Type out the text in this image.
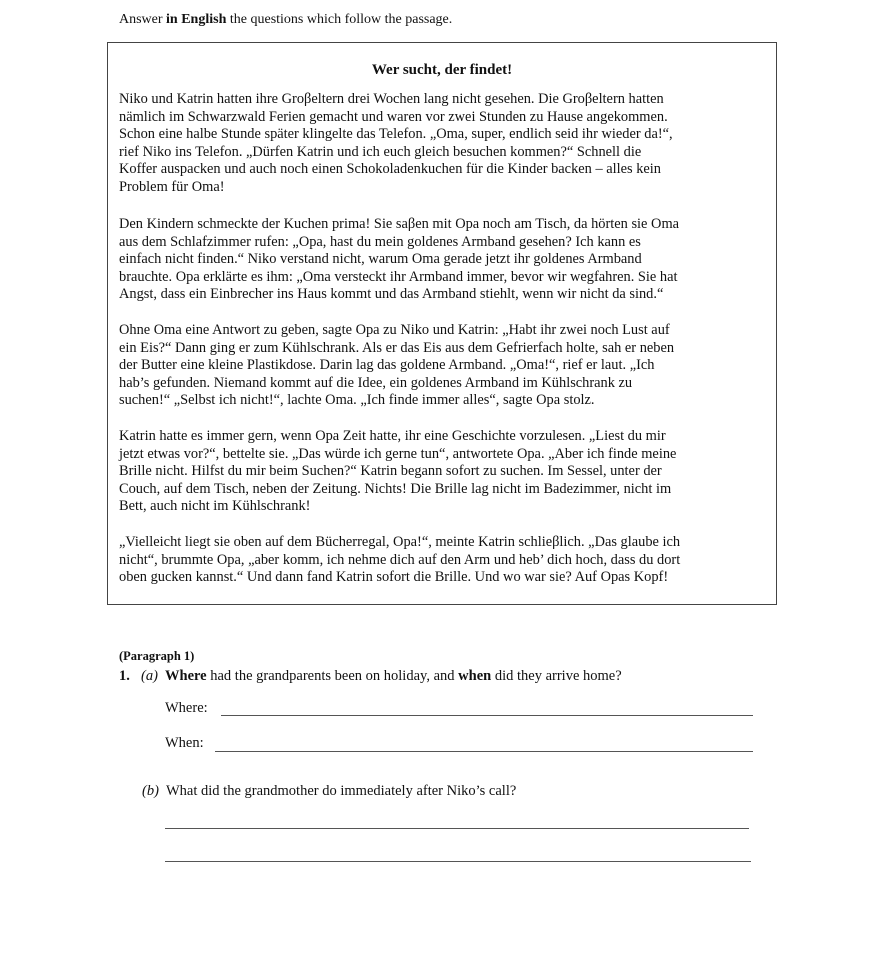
Answer in English the questions which follow the passage.
Wer sucht, der findet!
Niko und Katrin hatten ihre Groβeltern drei Wochen lang nicht gesehen. Die Groβeltern hatten
nämlich im Schwarzwald Ferien gemacht und waren vor zwei Stunden zu Hause angekommen.
Schon eine halbe Stunde später klingelte das Telefon. „Oma, super, endlich seid ihr wieder da!“,
rief Niko ins Telefon. „Dürfen Katrin und ich euch gleich besuchen kommen?“ Schnell die
Koffer auspacken und auch noch einen Schokoladenkuchen für die Kinder backen – alles kein
Problem für Oma!
Den Kindern schmeckte der Kuchen prima! Sie saβen mit Opa noch am Tisch, da hörten sie Oma
aus dem Schlafzimmer rufen: „Opa, hast du mein goldenes Armband gesehen? Ich kann es
einfach nicht finden.“ Niko verstand nicht, warum Oma gerade jetzt ihr goldenes Armband
brauchte. Opa erklärte es ihm: „Oma versteckt ihr Armband immer, bevor wir wegfahren. Sie hat
Angst, dass ein Einbrecher ins Haus kommt und das Armband stiehlt, wenn wir nicht da sind.“
Ohne Oma eine Antwort zu geben, sagte Opa zu Niko und Katrin: „Habt ihr zwei noch Lust auf
ein Eis?“ Dann ging er zum Kühlschrank. Als er das Eis aus dem Gefrierfach holte, sah er neben
der Butter eine kleine Plastikdose. Darin lag das goldene Armband. „Oma!“, rief er laut. „Ich
hab’s gefunden. Niemand kommt auf die Idee, ein goldenes Armband im Kühlschrank zu
suchen!“ „Selbst ich nicht!“, lachte Oma. „Ich finde immer alles“, sagte Opa stolz.
Katrin hatte es immer gern, wenn Opa Zeit hatte, ihr eine Geschichte vorzulesen. „Liest du mir
jetzt etwas vor?“, bettelte sie. „Das würde ich gerne tun“, antwortete Opa. „Aber ich finde meine
Brille nicht. Hilfst du mir beim Suchen?“ Katrin begann sofort zu suchen. Im Sessel, unter der
Couch, auf dem Tisch, neben der Zeitung. Nichts! Die Brille lag nicht im Badezimmer, nicht im
Bett, auch nicht im Kühlschrank!
„Vielleicht liegt sie oben auf dem Bücherregal, Opa!“, meinte Katrin schlieβlich. „Das glaube ich
nicht“, brummte Opa, „aber komm, ich nehme dich auf den Arm und heb’ dich hoch, dass du dort
oben gucken kannst.“ Und dann fand Katrin sofort die Brille. Und wo war sie? Auf Opas Kopf!
(Paragraph 1)
1. (a) Where had the grandparents been on holiday, and when did they arrive home?
Where:
When:
(b) What did the grandmother do immediately after Niko’s call?
